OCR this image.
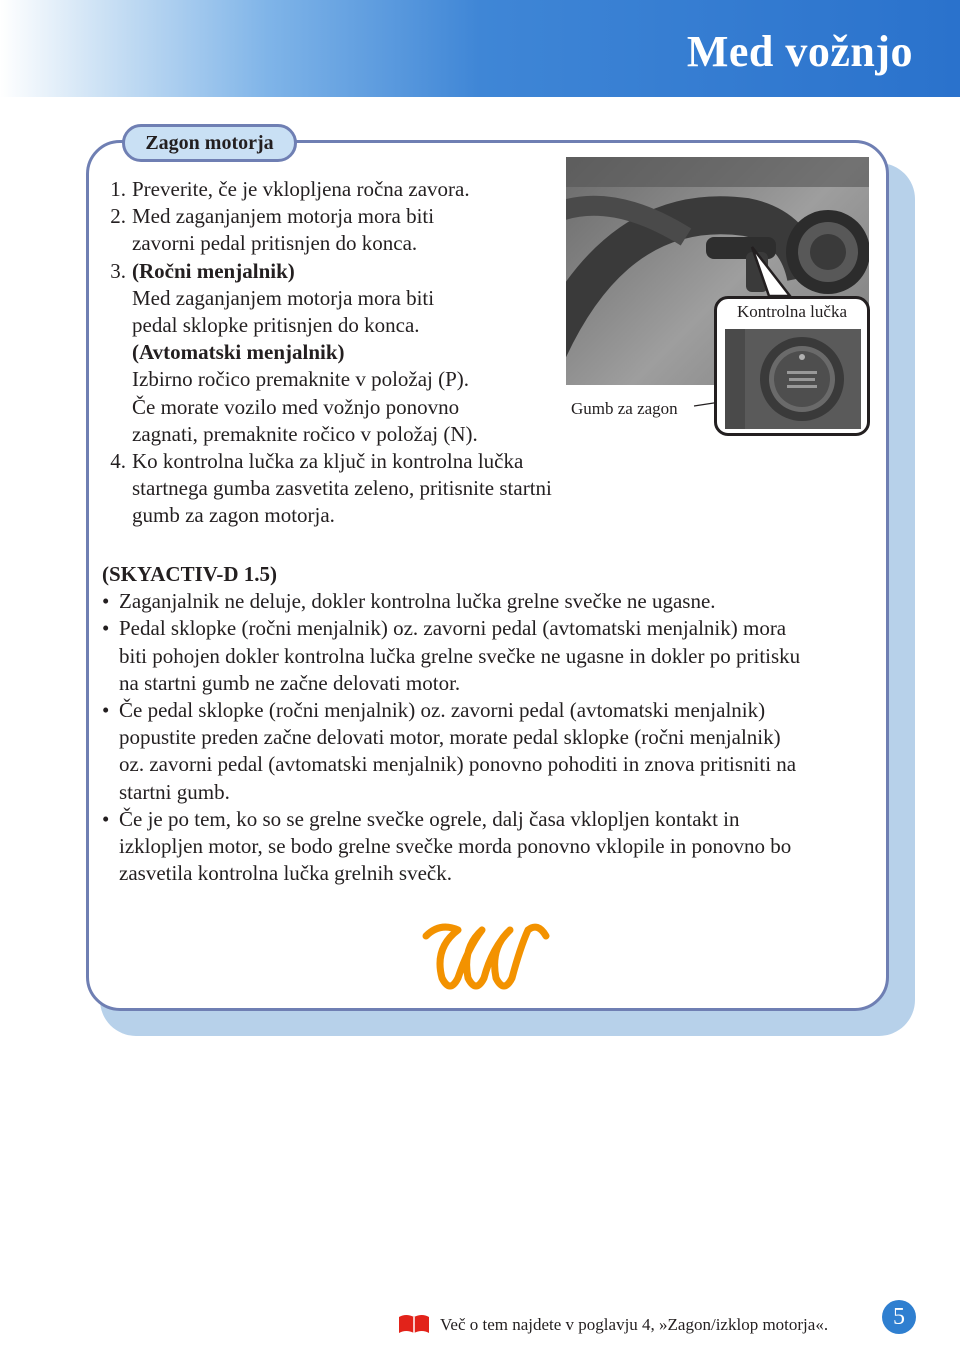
Med vožnjo
Zagon motorja
1. Preverite, če je vklopljena ročna zavora.
2. Med zaganjanjem motorja mora biti
zavorni pedal pritisnjen do konca.
3. (Ročni menjalnik)
Med zaganjanjem motorja mora biti
pedal sklopke pritisnjen do konca.
(Avtomatski menjalnik)
Izbirno ročico premaknite v položaj (P).
Če morate vozilo med vožnjo ponovno
zagnati, premaknite ročico v položaj (N).
4. Ko kontrolna lučka za ključ in kontrolna lučka
startnega gumba zasvetita zeleno, pritisnite startni
gumb za zagon motorja.
Kontrolna lučka
Gumb za zagon
(SKYACTIV-D 1.5)
• Zaganjalnik ne deluje, dokler kontrolna lučka grelne svečke ne ugasne.
• Pedal sklopke (ročni menjalnik) oz. zavorni pedal (avtomatski menjalnik) mora
biti pohojen dokler kontrolna lučka grelne svečke ne ugasne in dokler po pritisku
na startni gumb ne začne delovati motor.
• Če pedal sklopke (ročni menjalnik) oz. zavorni pedal (avtomatski menjalnik)
popustite preden začne delovati motor, morate pedal sklopke (ročni menjalnik)
oz. zavorni pedal (avtomatski menjalnik) ponovno pohoditi in znova pritisniti na
startni gumb.
• Če je po tem, ko so se grelne svečke ogrele, dalj časa vklopljen kontakt in
izklopljen motor, se bodo grelne svečke morda ponovno vklopile in ponovno bo
zasvetila kontrolna lučka grelnih svečk.
Več o tem najdete v poglavju 4, »Zagon/izklop motorja«.	5
